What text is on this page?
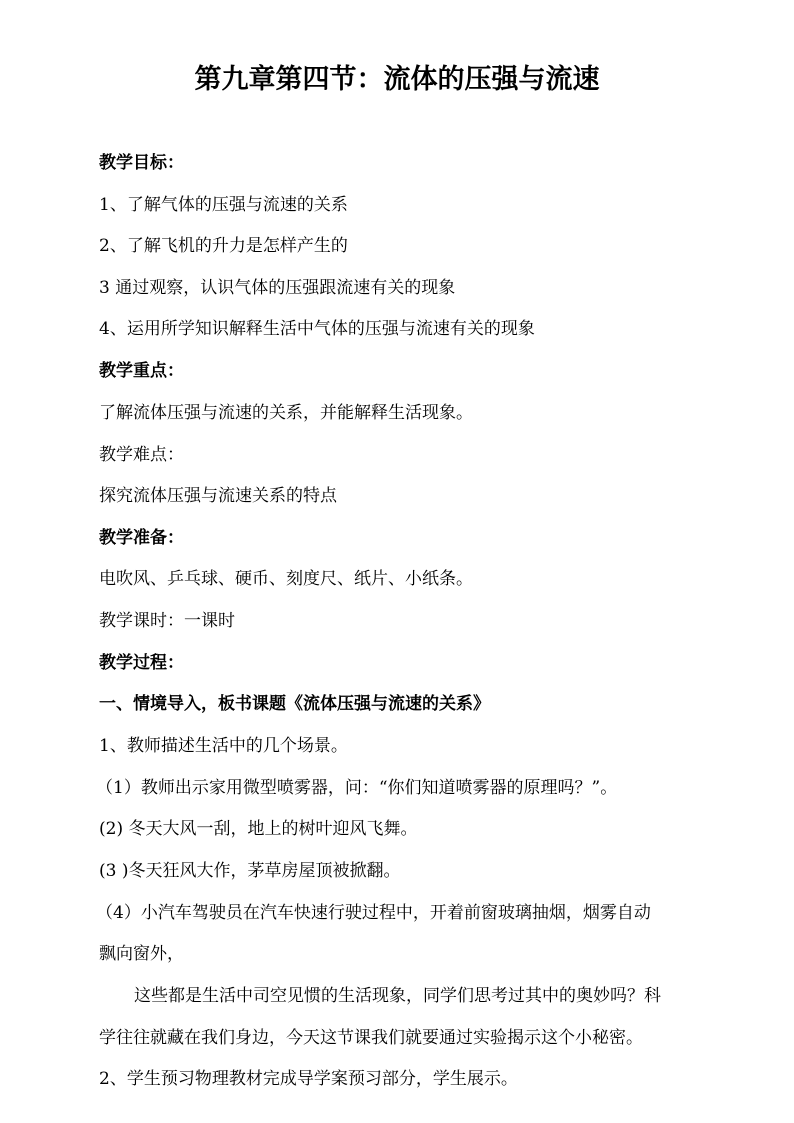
第九章第四节：流体的压强与流速
教学目标：
1、了解气体的压强与流速的关系
2、了解飞机的升力是怎样产生的
3 通过观察，认识气体的压强跟流速有关的现象
4、运用所学知识解释生活中气体的压强与流速有关的现象
教学重点：
了解流体压强与流速的关系，并能解释生活现象。
教学难点：
探究流体压强与流速关系的特点
教学准备：
电吹风、乒乓球、硬币、刻度尺、纸片、小纸条。
教学课时：一课时
教学过程：
一、情境导入，板书课题《流体压强与流速的关系》
1、教师描述生活中的几个场景。
（1）教师出示家用微型喷雾器，问：“你们知道喷雾器的原理吗？”。
(2) 冬天大风一刮，地上的树叶迎风飞舞。
(3 )冬天狂风大作，茅草房屋顶被掀翻。
（4）小汽车驾驶员在汽车快速行驶过程中，开着前窗玻璃抽烟，烟雾自动
飘向窗外，
这些都是生活中司空见惯的生活现象，同学们思考过其中的奥妙吗？科
学往往就藏在我们身边，今天这节课我们就要通过实验揭示这个小秘密。
2、学生预习物理教材完成导学案预习部分，学生展示。
